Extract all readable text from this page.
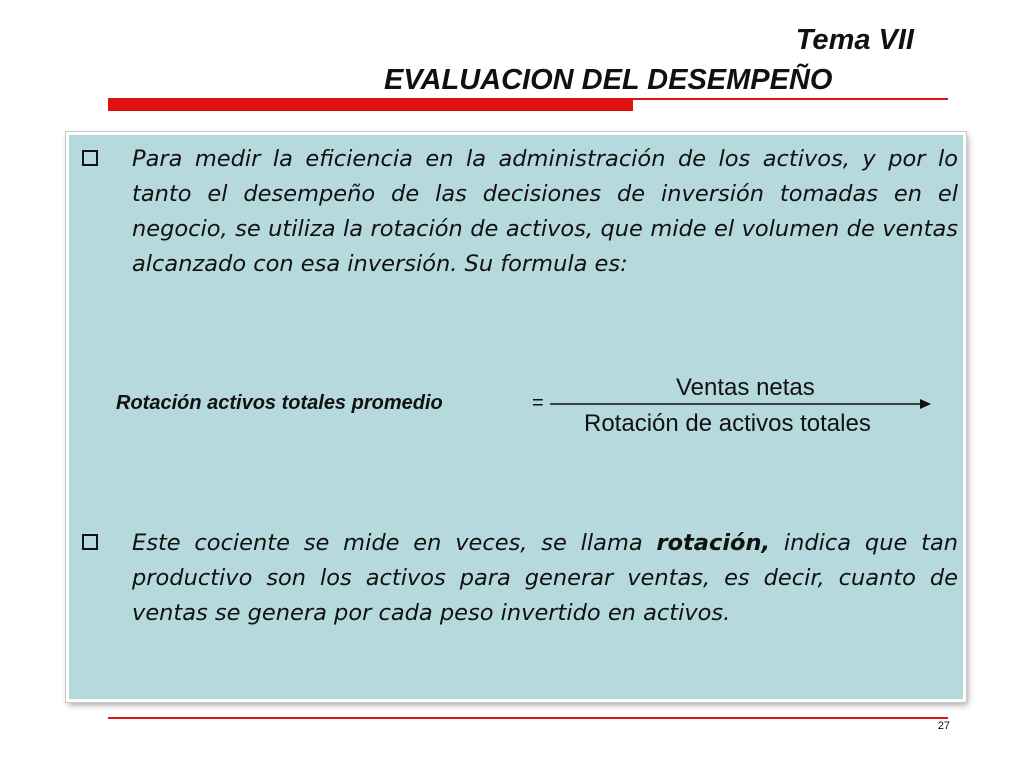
Tema VII
EVALUACION DEL DESEMPEÑO
Para medir la eficiencia en la administración de los activos, y por lo tanto el desempeño de las decisiones de inversión tomadas en el negocio, se utiliza la rotación de activos, que mide el volumen de ventas alcanzado con esa inversión. Su formula es:
Rotación activos totales promedio	=
Ventas netas
Rotación de activos totales
Este cociente se mide en veces, se llama rotación, indica que tan productivo son los activos para generar ventas, es decir, cuanto de ventas se genera por cada peso invertido en activos.
27
